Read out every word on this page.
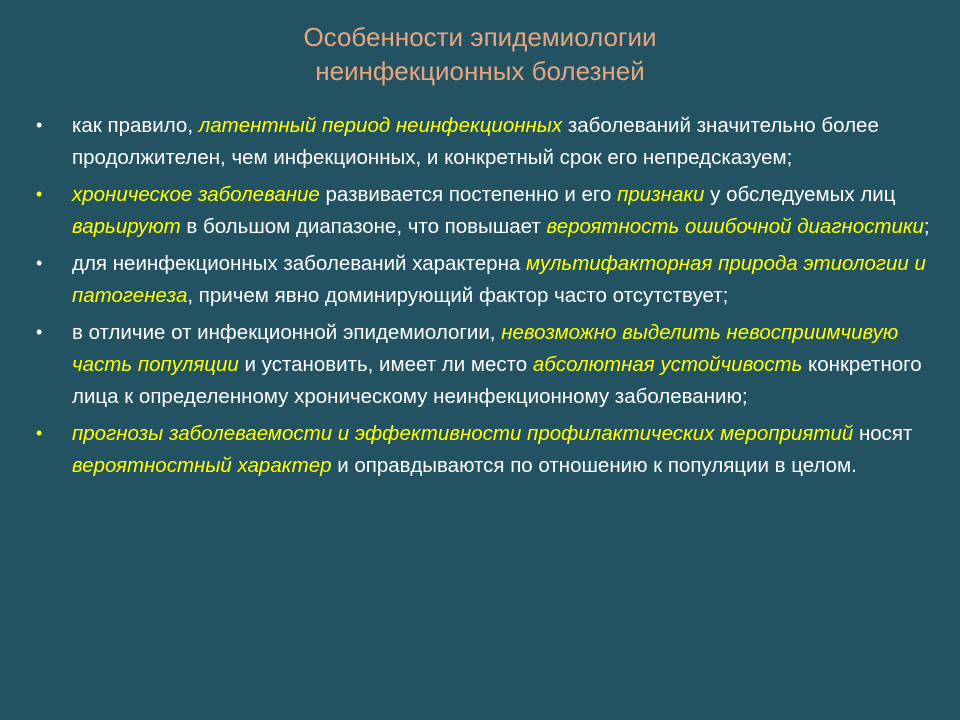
Особенности эпидемиологии
неинфекционных болезней
• как правило, латентный период неинфекционных заболеваний значительно более продолжителен, чем инфекционных, и конкретный срок его непредсказуем;
• хроническое заболевание развивается постепенно и его признаки у обследуемых лиц варьируют в большом диапазоне, что повышает вероятность ошибочной диагностики;
• для неинфекционных заболеваний характерна мультифакторная природа этиологии и патогенеза, причем явно доминирующий фактор часто отсутствует;
• в отличие от инфекционной эпидемиологии, невозможно выделить невосприимчивую часть популяции и установить, имеет ли место абсолютная устойчивость конкретного лица к определенному хроническому неинфекционному заболеванию;
• прогнозы заболеваемости и эффективности профилактических мероприятий носят вероятностный характер и оправдываются по отношению к популяции в целом.
